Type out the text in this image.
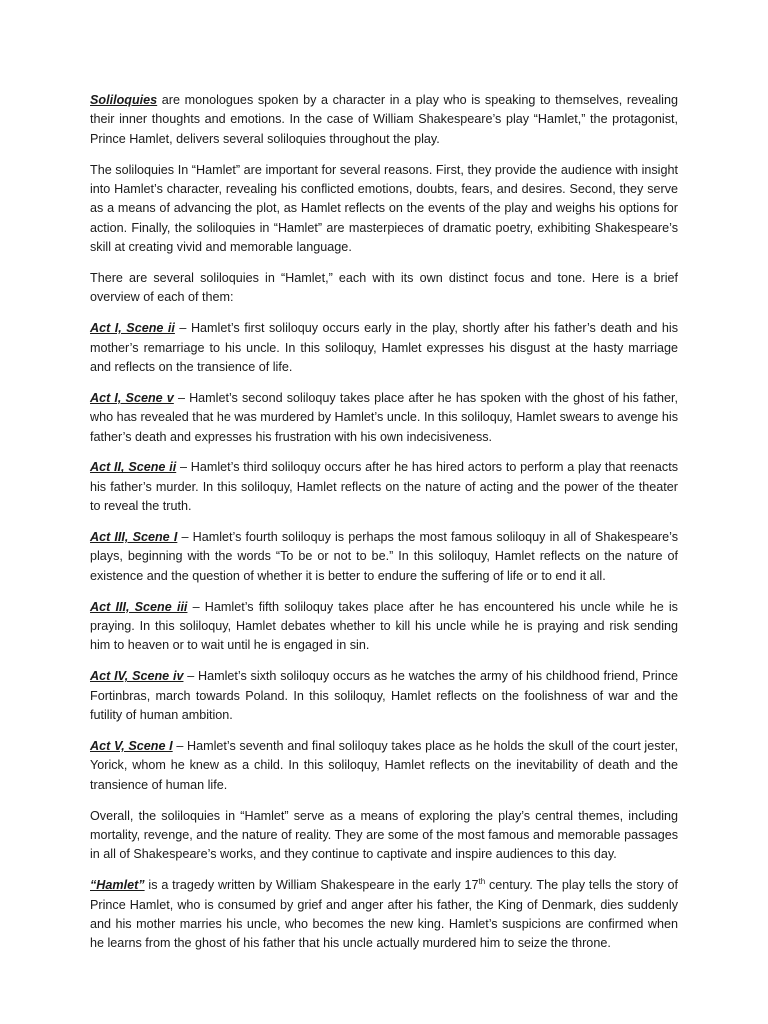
Soliloquies are monologues spoken by a character in a play who is speaking to themselves, revealing their inner thoughts and emotions. In the case of William Shakespeare’s play “Hamlet,” the protagonist, Prince Hamlet, delivers several soliloquies throughout the play.

The soliloquies In “Hamlet” are important for several reasons. First, they provide the audience with insight into Hamlet’s character, revealing his conflicted emotions, doubts, fears, and desires. Second, they serve as a means of advancing the plot, as Hamlet reflects on the events of the play and weighs his options for action. Finally, the soliloquies in “Hamlet” are masterpieces of dramatic poetry, exhibiting Shakespeare’s skill at creating vivid and memorable language.

There are several soliloquies in “Hamlet,” each with its own distinct focus and tone. Here is a brief overview of each of them:

Act I, Scene ii – Hamlet’s first soliloquy occurs early in the play, shortly after his father’s death and his mother’s remarriage to his uncle. In this soliloquy, Hamlet expresses his disgust at the hasty marriage and reflects on the transience of life.

Act I, Scene v – Hamlet’s second soliloquy takes place after he has spoken with the ghost of his father, who has revealed that he was murdered by Hamlet’s uncle. In this soliloquy, Hamlet swears to avenge his father’s death and expresses his frustration with his own indecisiveness.

Act II, Scene ii – Hamlet’s third soliloquy occurs after he has hired actors to perform a play that reenacts his father’s murder. In this soliloquy, Hamlet reflects on the nature of acting and the power of the theater to reveal the truth.

Act III, Scene I – Hamlet’s fourth soliloquy is perhaps the most famous soliloquy in all of Shakespeare’s plays, beginning with the words “To be or not to be.” In this soliloquy, Hamlet reflects on the nature of existence and the question of whether it is better to endure the suffering of life or to end it all.

Act III, Scene iii – Hamlet’s fifth soliloquy takes place after he has encountered his uncle while he is praying. In this soliloquy, Hamlet debates whether to kill his uncle while he is praying and risk sending him to heaven or to wait until he is engaged in sin.

Act IV, Scene iv – Hamlet’s sixth soliloquy occurs as he watches the army of his childhood friend, Prince Fortinbras, march towards Poland. In this soliloquy, Hamlet reflects on the foolishness of war and the futility of human ambition.

Act V, Scene I – Hamlet’s seventh and final soliloquy takes place as he holds the skull of the court jester, Yorick, whom he knew as a child. In this soliloquy, Hamlet reflects on the inevitability of death and the transience of human life.

Overall, the soliloquies in “Hamlet” serve as a means of exploring the play’s central themes, including mortality, revenge, and the nature of reality. They are some of the most famous and memorable passages in all of Shakespeare’s works, and they continue to captivate and inspire audiences to this day.

“Hamlet” is a tragedy written by William Shakespeare in the early 17th century. The play tells the story of Prince Hamlet, who is consumed by grief and anger after his father, the King of Denmark, dies suddenly and his mother marries his uncle, who becomes the new king. Hamlet’s suspicions are confirmed when he learns from the ghost of his father that his uncle actually murdered him to seize the throne.
